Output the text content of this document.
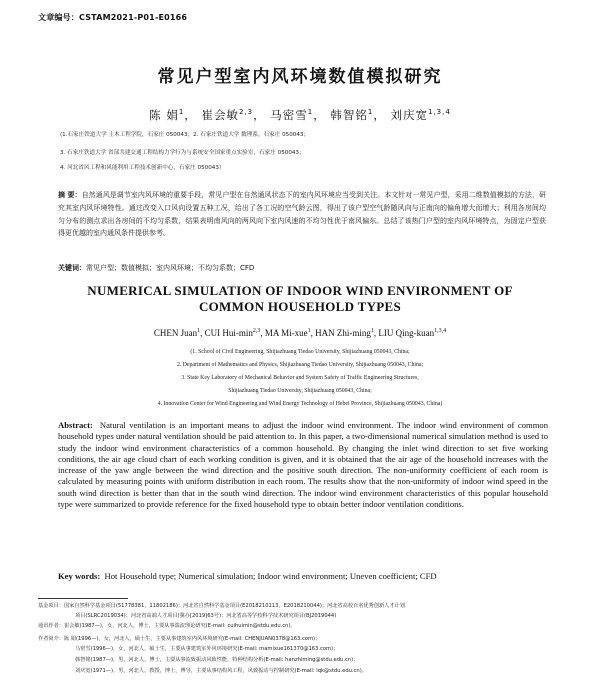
文章编号：CSTAM2021-P01-E0166
常见户型室内风环境数值模拟研究
陈 娟$^1$， 崔会敏$^{2,3}$， 马密雪$^1$， 韩智铭$^1$， 刘庆宽$^{1,3,4}$
(1.石家庄铁道大学 土木工程学院，石家庄 050043；2. 石家庄铁道大学 数理系，石家庄 050043；
3. 石家庄铁道大学 省部共建交通工程结构力学行为与系统安全国家重点实验室，石家庄 050043；
4. 河北省风工程和风能利用工程技术创新中心，石家庄 050043）
摘 要：自然通风是调节室内风环境的重要手段，常见户型在自然通风状态下的室内风环境应当受到关注。本文针对一常见户型，采用二维数值模拟的方法，研究其室内风环境特性。通过改变入口风向设置五种工况，给出了各工况的空气龄云图，得出了该户型空气龄随风向与正南向的偏角增大而增大；利用各房间均匀分布的测点求出各房间的不均匀系数，结果表明南风向的两风向下室内风速的不均匀性优于南风偏东。总结了该热门户型的室内风环境特点，为固定户型获得更优越的室内通风条件提供参考。
关键词：常见户型；数值模拟；室内风环境；不均匀系数；CFD
NUMERICAL SIMULATION OF INDOOR WIND ENVIRONMENT OF
COMMON HOUSEHOLD TYPES
CHEN Juan$^1$, CUI Hui-$\min^{2,3}$, MA Mi-xue$^1$, HAN Zhi-ming$^1$, LIU Qing-kuan$^{1,3,4}$
(1. School of Civil Engineering, Shijiazhuang Tiedao University, Shijiazhuang 050043, China;
2. Department of Mathematics and Physics, Shijiazhuang Tiedao University, Shijiazhuang 050043, China;
3. State Key Laboratory of Mechanical Behavior and System Safety of Traffic Engineering Structures,
Shijiazhuang Tiedao University, Shijiazhuang 050043, China;
4. Innovation Center for Wind Engineering and Wind Energy Technology of Hebei Province, Shijiazhuang 050043, China)
Abstract: Natural ventilation is an important means to adjust the indoor wind environment. The indoor wind environment of common household types under natural ventilation should be paid attention to. In this paper, a two-dimensional numerical simulation method is used to study the indoor wind environment characteristics of a common household. By changing the inlet wind direction to set five working conditions, the air age cloud chart of each working condition is given, and it is obtained that the air age of the household increases with the increase of the yaw angle between the wind direction and the positive south direction. The non-uniformity coefficient of each room is calculated by measuring points with uniform distribution in each room. The results show that the non-uniformity of indoor wind speed in the south wind direction is better than that in the south wind direction. The indoor wind environment characteristics of this popular household type were summarized to provide reference for the fixed household type to obtain better indoor ventilation conditions.
Key words: Hot Household type; Numerical simulation; Indoor wind environment; Uneven coefficient; CFD
基金项目：国家自然科学基金项目(51778381，11802186)；河北省自然科学基金项目(E2018210113，E2018210044)；河北省高校百名优秀创新人才计划
项目(SLRC2019034)；河北省高端人才项目(冀办[2019]63号)；河北省高等学校科学技术研究项目(BJ2019044)
通讯作者：崔会敏(1987—)，女，河北人，博士，主要从事湍流理论研究(E-mail: cuihuimin@stdu.edu.cn)。
作者简介：陈 娟(1996—)，女，河北人，硕士生，主要从事建筑室内风环境研究(E-mail: CHENJUAN0378@163.com)；
马密雪(1996—)，女，河北人，硕士生，主要从事建筑室外风环境研究(E-mail: mamixue161370@163.com)；
韩智铭(1987—)，男，河北人，博士，主要从事流致振动风致性能，特种结构分析(E-mail: hanzhiming@stdu.edu.cn)；
刘庆宽(1971—)，男，河北人，教授，博士，博导，主要从事结构风工程，风致振动与控制研究(E-mail: lqk@stdu.edu.cn)。
